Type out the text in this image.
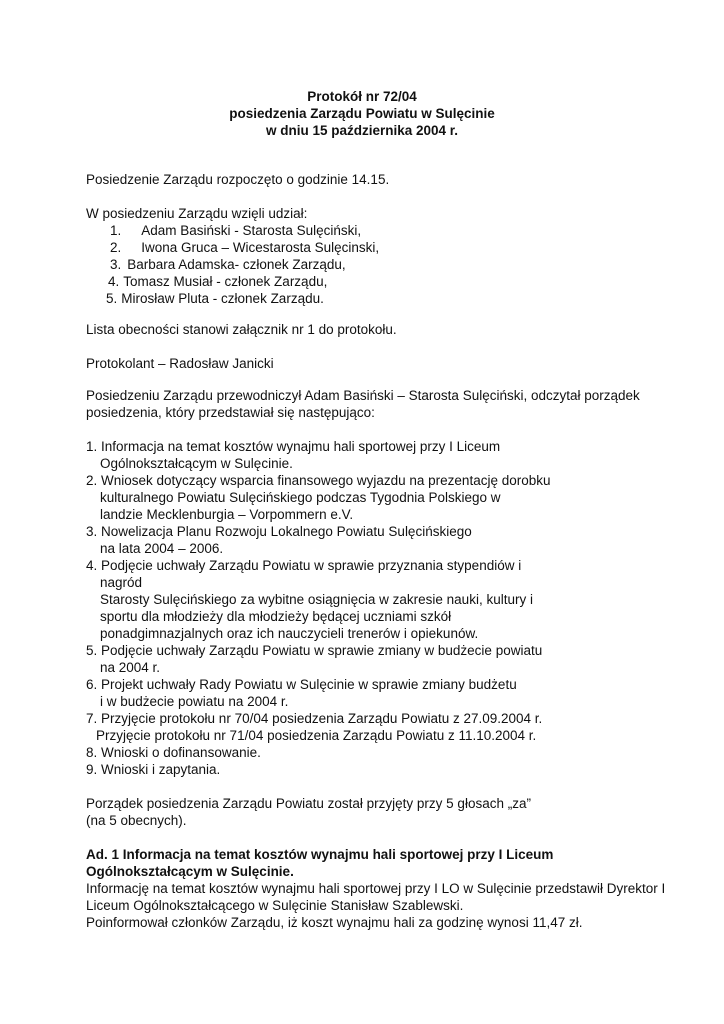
Protokół nr 72/04
posiedzenia Zarządu Powiatu w Sulęcinie
w dniu 15 października 2004 r.
Posiedzenie Zarządu rozpoczęto o godzinie 14.15.
W posiedzeniu Zarządu wzięli udział:
1. Adam Basiński - Starosta Sulęciński,
2. Iwona Gruca – Wicestarosta Sulęcinski,
3. Barbara Adamska- członek Zarządu,
4. Tomasz Musiał - członek Zarządu,
5. Mirosław Pluta - członek Zarządu.
Lista obecności stanowi załącznik nr 1 do protokołu.
Protokolant – Radosław Janicki
Posiedzeniu Zarządu przewodniczył Adam Basiński – Starosta Sulęciński, odczytał porządek
posiedzenia, który przedstawiał się następująco:
1. Informacja na temat kosztów wynajmu hali sportowej przy I Liceum
Ogólnokształcącym w Sulęcinie.
2. Wniosek dotyczący wsparcia finansowego wyjazdu na prezentację dorobku
kulturalnego Powiatu Sulęcińskiego podczas Tygodnia Polskiego w
landzie Mecklenburgia – Vorpommern e.V.
3. Nowelizacja Planu Rozwoju Lokalnego Powiatu Sulęcińskiego
na lata 2004 – 2006.
4. Podjęcie uchwały Zarządu Powiatu w sprawie przyznania stypendiów i
nagród
Starosty Sulęcińskiego za wybitne osiągnięcia w zakresie nauki, kultury i
sportu dla młodzieży dla młodzieży będącej uczniami szkół
ponadgimnazjalnych oraz ich nauczycieli trenerów i opiekunów.
5. Podjęcie uchwały Zarządu Powiatu w sprawie zmiany w budżecie powiatu
na 2004 r.
6. Projekt uchwały Rady Powiatu w Sulęcinie w sprawie zmiany budżetu
i w budżecie powiatu na 2004 r.
7. Przyjęcie protokołu nr 70/04 posiedzenia Zarządu Powiatu z 27.09.2004 r.
Przyjęcie protokołu nr 71/04 posiedzenia Zarządu Powiatu z 11.10.2004 r.
8. Wnioski o dofinansowanie.
9. Wnioski i zapytania.
Porządek posiedzenia Zarządu Powiatu został przyjęty przy 5 głosach „za”
(na 5 obecnych).
Ad. 1 Informacja na temat kosztów wynajmu hali sportowej przy I Liceum
Ogólnokształcącym w Sulęcinie.
Informację na temat kosztów wynajmu hali sportowej przy I LO w Sulęcinie przedstawił Dyrektor I
Liceum Ogólnokształcącego w Sulęcinie Stanisław Szablewski.
Poinformował członków Zarządu, iż koszt wynajmu hali za godzinę wynosi 11,47 zł.
